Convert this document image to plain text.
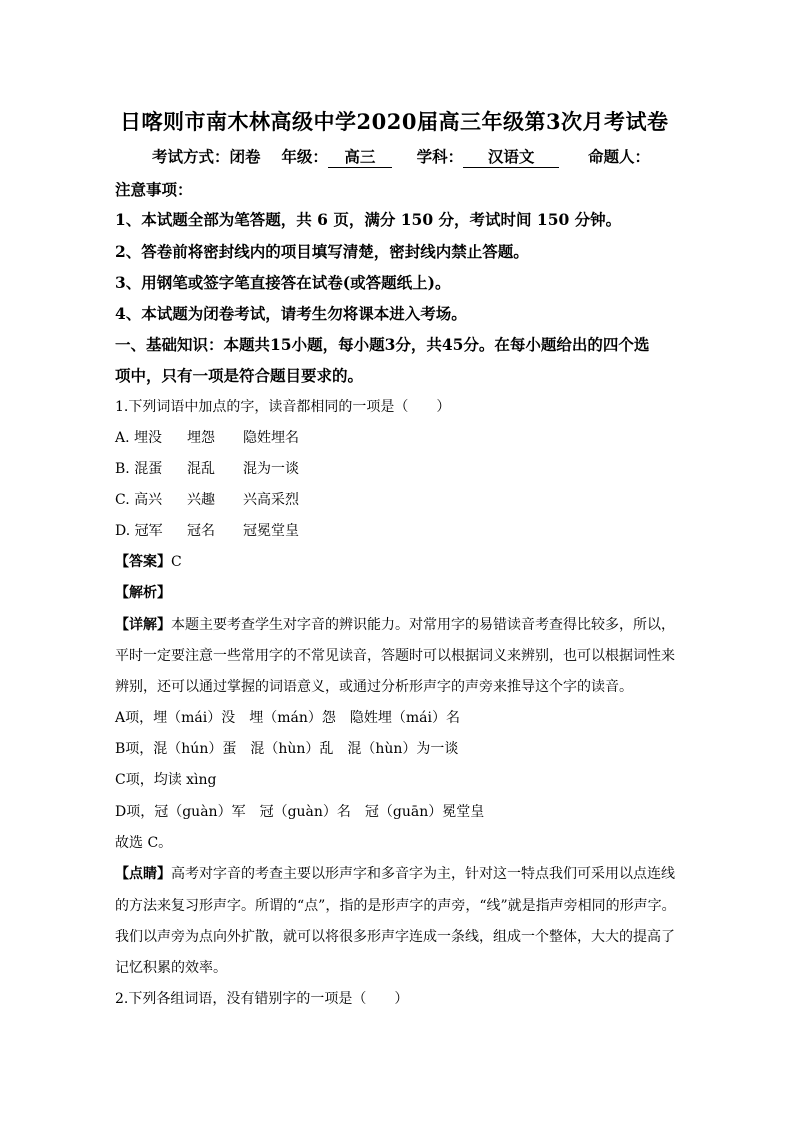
日喀则市南木林高级中学2020届高三年级第3次月考试卷
考试方式：闭卷 年级： 高三	学科： 汉语文	命题人：
注意事项：
1、本试题全部为笔答题，共 6 页，满分 150 分，考试时间 150 分钟。
2、答卷前将密封线内的项目填写清楚，密封线内禁止答题。
3、用钢笔或签字笔直接答在试卷(或答题纸上)。
4、本试题为闭卷考试，请考生勿将课本进入考场。
一、基础知识：本题共15小题，每小题3分，共45分。在每小题给出的四个选
项中，只有一项是符合题目要求的。
1.下列词语中加点的字，读音都相同的一项是（　　）
A. 埋没 埋怨 隐姓埋名
B. 混蛋 混乱 混为一谈
C. 高兴 兴趣 兴高采烈
D. 冠军 冠名 冠冕堂皇
【答案】C
【解析】
【详解】本题主要考查学生对字音的辨识能力。对常用字的易错读音考查得比较多，所以，
平时一定要注意一些常用字的不常见读音，答题时可以根据词义来辨别，也可以根据词性来
辨别，还可以通过掌握的词语意义，或通过分析形声字的声旁来推导这个字的读音。
A项，埋（mái）没　埋（mán）怨　隐姓埋（mái）名
B项，混（hún）蛋　混（hùn）乱　混（hùn）为一谈
C项，均读 xìng
D项，冠（guàn）军　冠（guàn）名　冠（guān）冕堂皇
故选 C。
【点睛】高考对字音的考查主要以形声字和多音字为主，针对这一特点我们可采用以点连线
的方法来复习形声字。所谓的“点”，指的是形声字的声旁，“线”就是指声旁相同的形声字。
我们以声旁为点向外扩散，就可以将很多形声字连成一条线，组成一个整体，大大的提高了
记忆积累的效率。
2.下列各组词语，没有错别字的一项是（　　）
